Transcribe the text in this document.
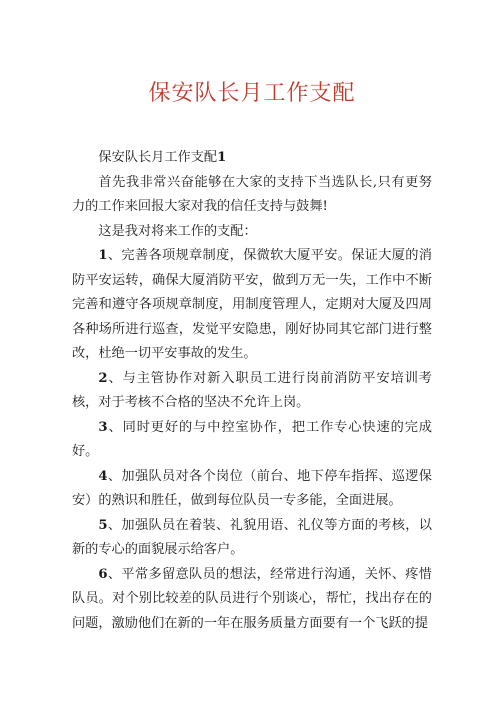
保安队长月工作支配

保安队长月工作支配1

首先我非常兴奋能够在大家的支持下当选队长,只有更努力的工作来回报大家对我的信任支持与鼓舞!

这是我对将来工作的支配：

1、完善各项规章制度，保微软大厦平安。保证大厦的消防平安运转，确保大厦消防平安，做到万无一失，工作中不断完善和遵守各项规章制度，用制度管理人，定期对大厦及四周各种场所进行巡查，发觉平安隐患，刚好协同其它部门进行整改，杜绝一切平安事故的发生。

2、与主管协作对新入职员工进行岗前消防平安培训考核，对于考核不合格的坚决不允许上岗。

3、同时更好的与中控室协作，把工作专心快速的完成好。

4、加强队员对各个岗位（前台、地下停车指挥、巡逻保安）的熟识和胜任，做到每位队员一专多能，全面进展。

5、加强队员在着装、礼貌用语、礼仪等方面的考核，以新的专心的面貌展示给客户。

6、平常多留意队员的想法，经常进行沟通，关怀、疼惜队员。对个别比较差的队员进行个别谈心，帮忙，找出存在的问题，激励他们在新的一年在服务质量方面要有一个飞跃的提
